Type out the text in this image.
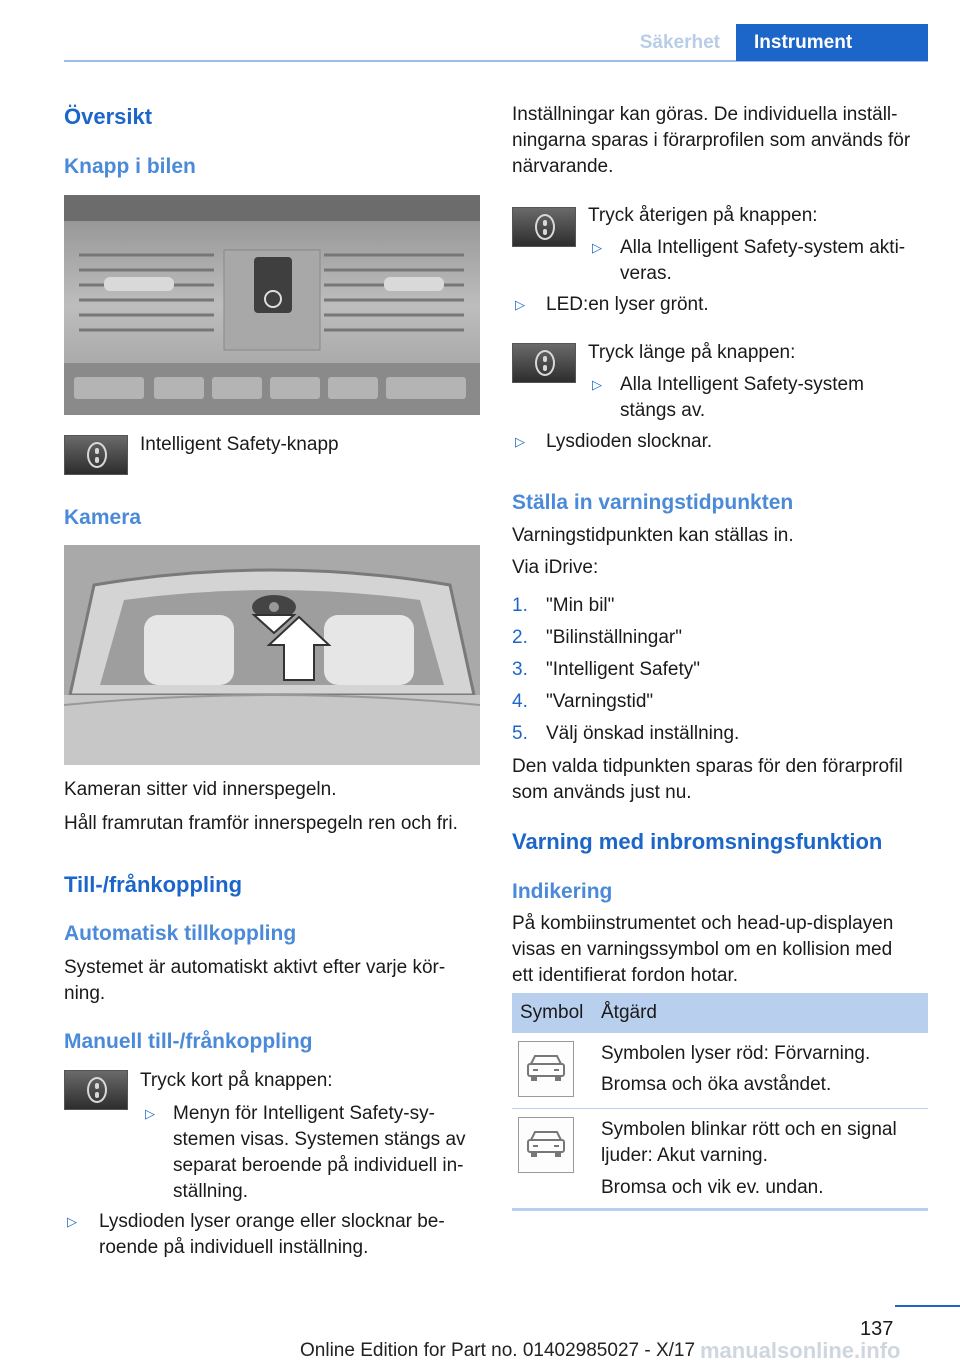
Säkerhet	Instrument
Översikt
Knapp i bilen
Intelligent Safety-knapp
Kamera
Kameran sitter vid innerspegeln.
Håll framrutan framför innerspegeln ren och fri.
Till-/frånkoppling
Automatisk tillkoppling
Systemet är automatiskt aktivt efter varje kör-
ning.
Manuell till-/frånkoppling
Tryck kort på knappen:
▷ Menyn för Intelligent Safety-sy-
stemen visas. Systemen stängs av
separat beroende på individuell in-
ställning.
▷ Lysdioden lyser orange eller slocknar be-
roende på individuell inställning.
Inställningar kan göras. De individuella inställ-
ningarna sparas i förarprofilen som används för
närvarande.
Tryck återigen på knappen:
▷ Alla Intelligent Safety-system akti-
veras.
▷ LED:en lyser grönt.
Tryck länge på knappen:
▷ Alla Intelligent Safety-system
stängs av.
▷ Lysdioden slocknar.
Ställa in varningstidpunkten
Varningstidpunkten kan ställas in.
Via iDrive:
1. "Min bil"
2. "Bilinställningar"
3. "Intelligent Safety"
4. "Varningstid"
5. Välj önskad inställning.
Den valda tidpunkten sparas för den förarprofil
som används just nu.
Varning med inbromsningsfunktion
Indikering
På kombiinstrumentet och head-up-displayen
visas en varningssymbol om en kollision med
ett identifierat fordon hotar.
Symbol Åtgärd
Symbolen lyser röd: Förvarning.
Bromsa och öka avståndet.
Symbolen blinkar rött och en signal
ljuder: Akut varning.
Bromsa och vik ev. undan.
137
Online Edition for Part no. 01402985027 - X/17 manualsonline.info
